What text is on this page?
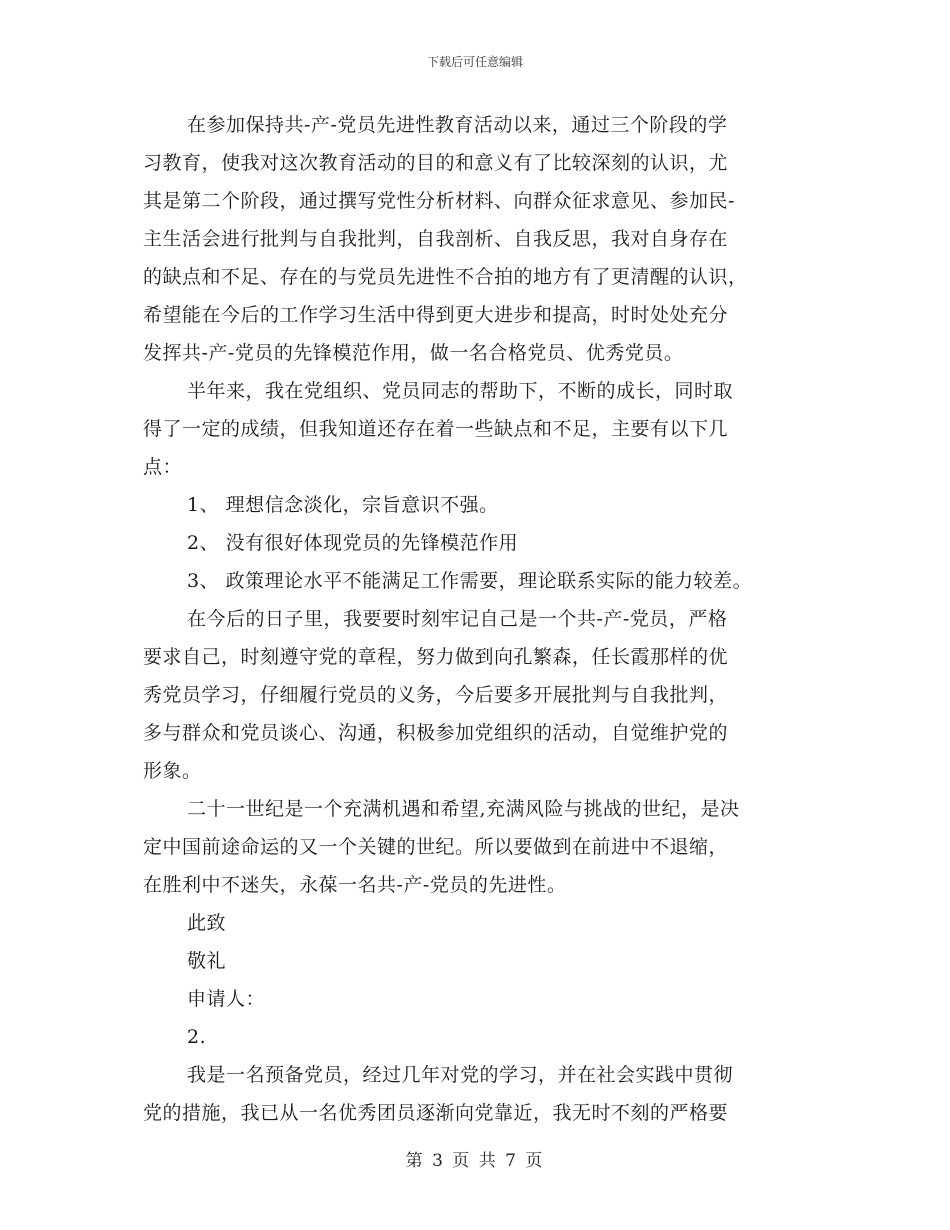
下载后可任意编辑
在参加保持共-产-党员先进性教育活动以来，通过三个阶段的学
习教育，使我对这次教育活动的目的和意义有了比较深刻的认识，尤
其是第二个阶段，通过撰写党性分析材料、向群众征求意见、参加民-
主生活会进行批判与自我批判，自我剖析、自我反思，我对自身存在
的缺点和不足、存在的与党员先进性不合拍的地方有了更清醒的认识，
希望能在今后的工作学习生活中得到更大进步和提高，时时处处充分
发挥共-产-党员的先锋模范作用，做一名合格党员、优秀党员。
半年来，我在党组织、党员同志的帮助下，不断的成长，同时取
得了一定的成绩，但我知道还存在着一些缺点和不足，主要有以下几
点：
1、 理想信念淡化，宗旨意识不强。
2、 没有很好体现党员的先锋模范作用
3、 政策理论水平不能满足工作需要，理论联系实际的能力较差。
在今后的日子里，我要要时刻牢记自己是一个共-产-党员，严格
要求自己，时刻遵守党的章程，努力做到向孔繁森，任长霞那样的优
秀党员学习，仔细履行党员的义务，今后要多开展批判与自我批判，
多与群众和党员谈心、沟通，积极参加党组织的活动，自觉维护党的
形象。
二十一世纪是一个充满机遇和希望,充满风险与挑战的世纪，是决
定中国前途命运的又一个关键的世纪。所以要做到在前进中不退缩，
在胜利中不迷失，永葆一名共-产-党员的先进性。
此致
敬礼
申请人：
2.
我是一名预备党员，经过几年对党的学习，并在社会实践中贯彻
党的措施，我已从一名优秀团员逐渐向党靠近，我无时不刻的严格要
第 3 页 共 7 页
